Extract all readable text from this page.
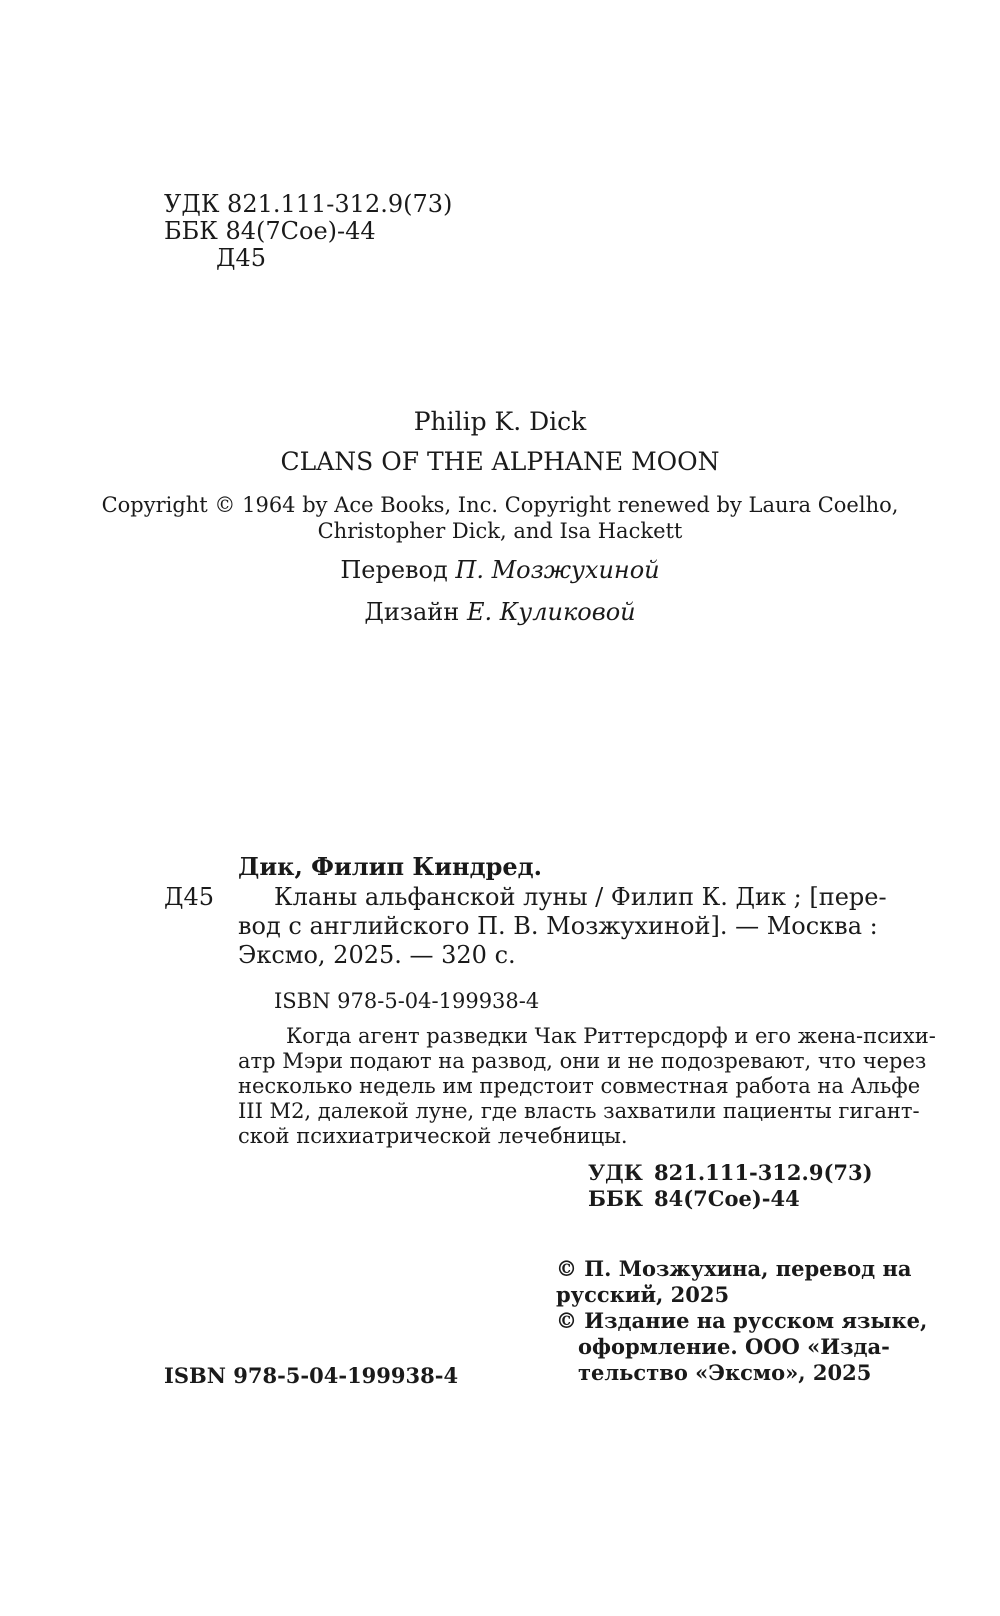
УДК 821.111-312.9(73)
ББК 84(7Сое)-44
Д45
Philip K. Dick
CLANS OF THE ALPHANE MOON
Copyright © 1964 by Ace Books, Inc. Copyright renewed by Laura Coelho,
Christopher Dick, and Isa Hackett
Перевод П. Мозжухиной
Дизайн Е. Куликовой
Дик, Филип Киндред.
Д45	Кланы альфанской луны / Филип К. Дик ; [пере-
вод с английского П. В. Мозжухиной]. — Москва :
Эксмо, 2025. — 320 с.
ISBN 978-5-04-199938-4
Когда агент разведки Чак Риттерсдорф и его жена-психи-
атр Мэри подают на развод, они и не подозревают, что через
несколько недель им предстоит совместная работа на Альфе
III М2, далекой луне, где власть захватили пациенты гигант-
ской психиатрической лечебницы.
УДК 821.111-312.9(73)
ББК 84(7Сое)-44
ISBN 978-5-04-199938-4
© П. Мозжухина, перевод на
русский, 2025
© Издание на русском языке,
оформление. ООО «Изда-
тельство «Эксмо», 2025
